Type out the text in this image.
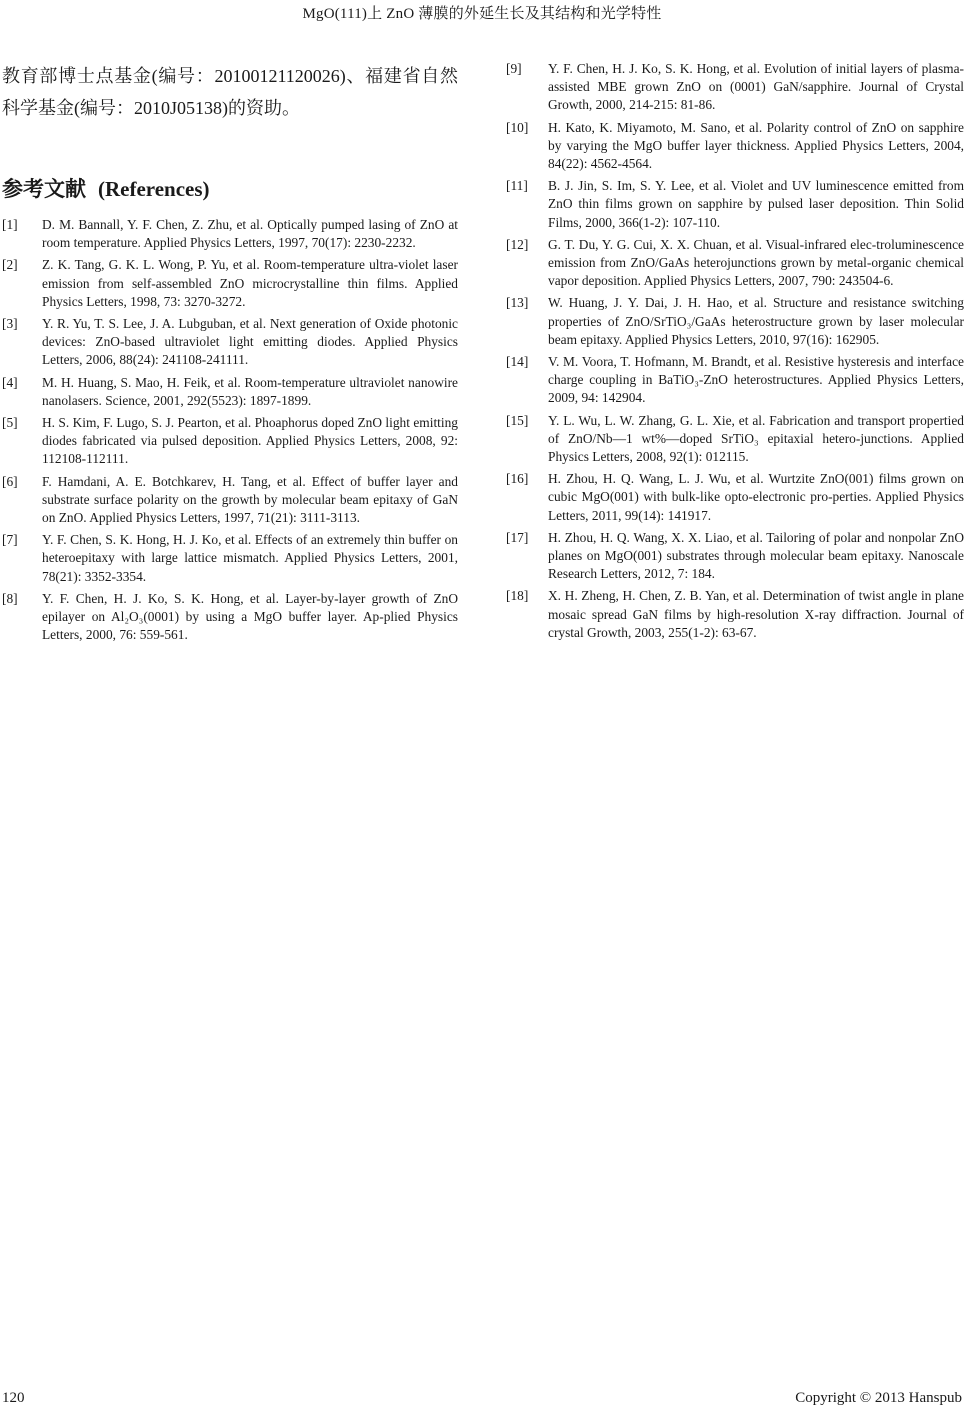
MgO(111)上 ZnO 薄膜的外延生长及其结构和光学特性

教育部博士点基金(编号：20100121120026)、福建省自然科学基金(编号：2010J05138)的资助。

参考文献 (References)
[1]	D. M. Bannall, Y. F. Chen, Z. Zhu, et al. Optically pumped lasing of ZnO at room temperature. Applied Physics Letters, 1997, 70(17): 2230-2232.
[2]	Z. K. Tang, G. K. L. Wong, P. Yu, et al. Room-temperature ultra-violet laser emission from self-assembled ZnO microcrystalline thin films. Applied Physics Letters, 1998, 73: 3270-3272.
[3]	Y. R. Yu, T. S. Lee, J. A. Lubguban, et al. Next generation of Oxide photonic devices: ZnO-based ultraviolet light emitting diodes. Applied Physics Letters, 2006, 88(24): 241108-241111.
[4]	M. H. Huang, S. Mao, H. Feik, et al. Room-temperature ultraviolet nanowire nanolasers. Science, 2001, 292(5523): 1897-1899.
[5]	H. S. Kim, F. Lugo, S. J. Pearton, et al. Phoaphorus doped ZnO light emitting diodes fabricated via pulsed deposition. Applied Physics Letters, 2008, 92: 112108-112111.
[6]	F. Hamdani, A. E. Botchkarev, H. Tang, et al. Effect of buffer layer and substrate surface polarity on the growth by molecular beam epitaxy of GaN on ZnO. Applied Physics Letters, 1997, 71(21): 3111-3113.
[7]	Y. F. Chen, S. K. Hong, H. J. Ko, et al. Effects of an extremely thin buffer on heteroepitaxy with large lattice mismatch. Applied Physics Letters, 2001, 78(21): 3352-3354.
[8]	Y. F. Chen, H. J. Ko, S. K. Hong, et al. Layer-by-layer growth of ZnO epilayer on Al₂O₃(0001) by using a MgO buffer layer. Ap-plied Physics Letters, 2000, 76: 559-561.
[9]	Y. F. Chen, H. J. Ko, S. K. Hong, et al. Evolution of initial layers of plasma-assisted MBE grown ZnO on (0001) GaN/sapphire. Journal of Crystal Growth, 2000, 214-215: 81-86.
[10]	H. Kato, K. Miyamoto, M. Sano, et al. Polarity control of ZnO on sapphire by varying the MgO buffer layer thickness. Applied Physics Letters, 2004, 84(22): 4562-4564.
[11]	B. J. Jin, S. Im, S. Y. Lee, et al. Violet and UV luminescence emitted from ZnO thin films grown on sapphire by pulsed laser deposition. Thin Solid Films, 2000, 366(1-2): 107-110.
[12]	G. T. Du, Y. G. Cui, X. X. Chuan, et al. Visual-infrared elec-troluminescence emission from ZnO/GaAs heterojunctions grown by metal-organic chemical vapor deposition. Applied Physics Letters, 2007, 790: 243504-6.
[13]	W. Huang, J. Y. Dai, J. H. Hao, et al. Structure and resistance switching properties of ZnO/SrTiO₃/GaAs heterostructure grown by laser molecular beam epitaxy. Applied Physics Letters, 2010, 97(16): 162905.
[14]	V. M. Voora, T. Hofmann, M. Brandt, et al. Resistive hysteresis and interface charge coupling in BaTiO₃-ZnO heterostructures. Applied Physics Letters, 2009, 94: 142904.
[15]	Y. L. Wu, L. W. Zhang, G. L. Xie, et al. Fabrication and transport propertied of ZnO/Nb—1 wt%—doped SrTiO₃ epitaxial hetero-junctions. Applied Physics Letters, 2008, 92(1): 012115.
[16]	H. Zhou, H. Q. Wang, L. J. Wu, et al. Wurtzite ZnO(001) films grown on cubic MgO(001) with bulk-like opto-electronic pro-perties. Applied Physics Letters, 2011, 99(14): 141917.
[17]	H. Zhou, H. Q. Wang, X. X. Liao, et al. Tailoring of polar and nonpolar ZnO planes on MgO(001) substrates through molecular beam epitaxy. Nanoscale Research Letters, 2012, 7: 184.
[18]	X. H. Zheng, H. Chen, Z. B. Yan, et al. Determination of twist angle in plane mosaic spread GaN films by high-resolution X-ray diffraction. Journal of crystal Growth, 2003, 255(1-2): 63-67.
120	Copyright © 2013 Hanspub
